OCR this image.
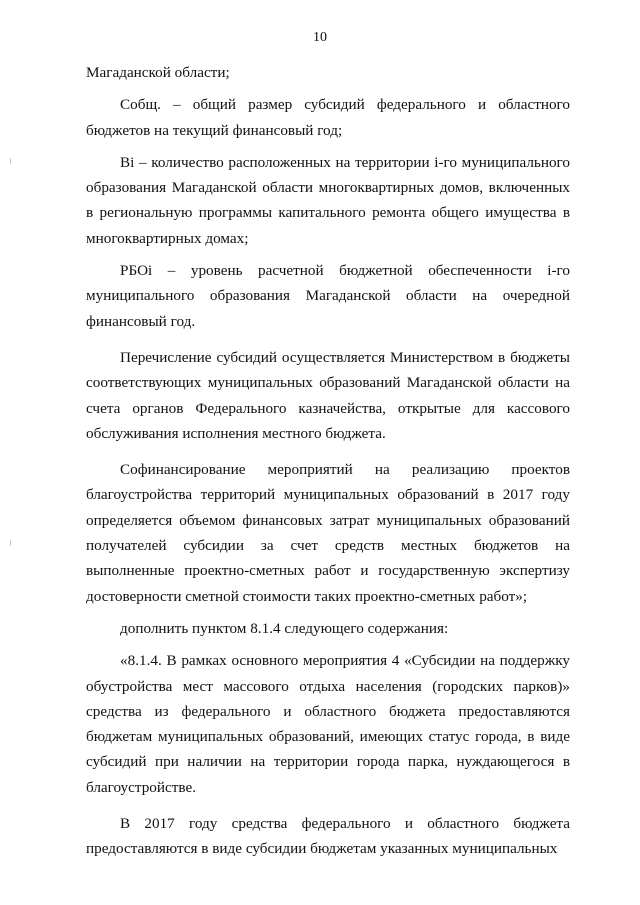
10

Магаданской области;

Собщ. – общий размер субсидий федерального и областного бюджетов на текущий финансовый год;

Вi – количество расположенных на территории i-го муниципального образования Магаданской области многоквартирных домов, включенных в региональную программы капитального ремонта общего имущества в многоквартирных домах;

РБОi – уровень расчетной бюджетной обеспеченности i-го муниципального образования Магаданской области на очередной финансовый год.

Перечисление субсидий осуществляется Министерством в бюджеты соответствующих муниципальных образований Магаданской области на счета органов Федерального казначейства, открытые для кассового обслуживания исполнения местного бюджета.

Софинансирование мероприятий на реализацию проектов благоустройства территорий муниципальных образований в 2017 году определяется объемом финансовых затрат муниципальных образований получателей субсидии за счет средств местных бюджетов на выполненные проектно-сметных работ и государственную экспертизу достоверности сметной стоимости таких проектно-сметных работ»;

дополнить пунктом 8.1.4 следующего содержания:

«8.1.4. В рамках основного мероприятия 4 «Субсидии на поддержку обустройства мест массового отдыха населения (городских парков)» средства из федерального и областного бюджета предоставляются бюджетам муниципальных образований, имеющих статус города, в виде субсидий при наличии на территории города парка, нуждающегося в благоустройстве.

В 2017 году средства федерального и областного бюджета предоставляются в виде субсидии бюджетам указанных муниципальных
